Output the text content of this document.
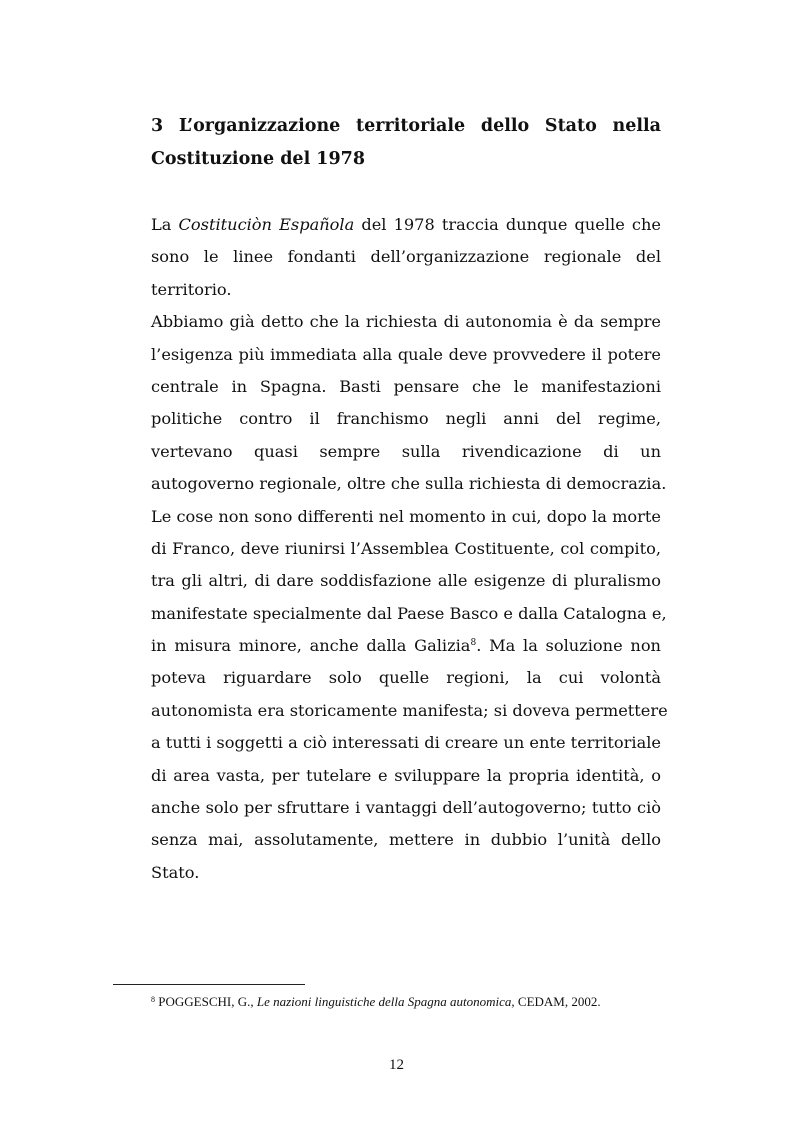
3 L’organizzazione territoriale dello Stato nella
Costituzione del 1978
La Costituciòn Española del 1978 traccia dunque quelle che
sono le linee fondanti dell’organizzazione regionale del
territorio.
Abbiamo già detto che la richiesta di autonomia è da sempre
l’esigenza più immediata alla quale deve provvedere il potere
centrale in Spagna. Basti pensare che le manifestazioni
politiche contro il franchismo negli anni del regime,
vertevano quasi sempre sulla rivendicazione di un
autogoverno regionale, oltre che sulla richiesta di democrazia.
Le cose non sono differenti nel momento in cui, dopo la morte
di Franco, deve riunirsi l’Assemblea Costituente, col compito,
tra gli altri, di dare soddisfazione alle esigenze di pluralismo
manifestate specialmente dal Paese Basco e dalla Catalogna e,
in misura minore, anche dalla Galizia$^8$. Ma la soluzione non
poteva riguardare solo quelle regioni, la cui volontà
autonomista era storicamente manifesta; si doveva permettere
a tutti i soggetti a ciò interessati di creare un ente territoriale
di area vasta, per tutelare e sviluppare la propria identità, o
anche solo per sfruttare i vantaggi dell’autogoverno; tutto ciò
senza mai, assolutamente, mettere in dubbio l’unità dello
Stato.
$^8$ POGGESCHI, G., Le nazioni linguistiche della Spagna autonomica, CEDAM, 2002.
12
